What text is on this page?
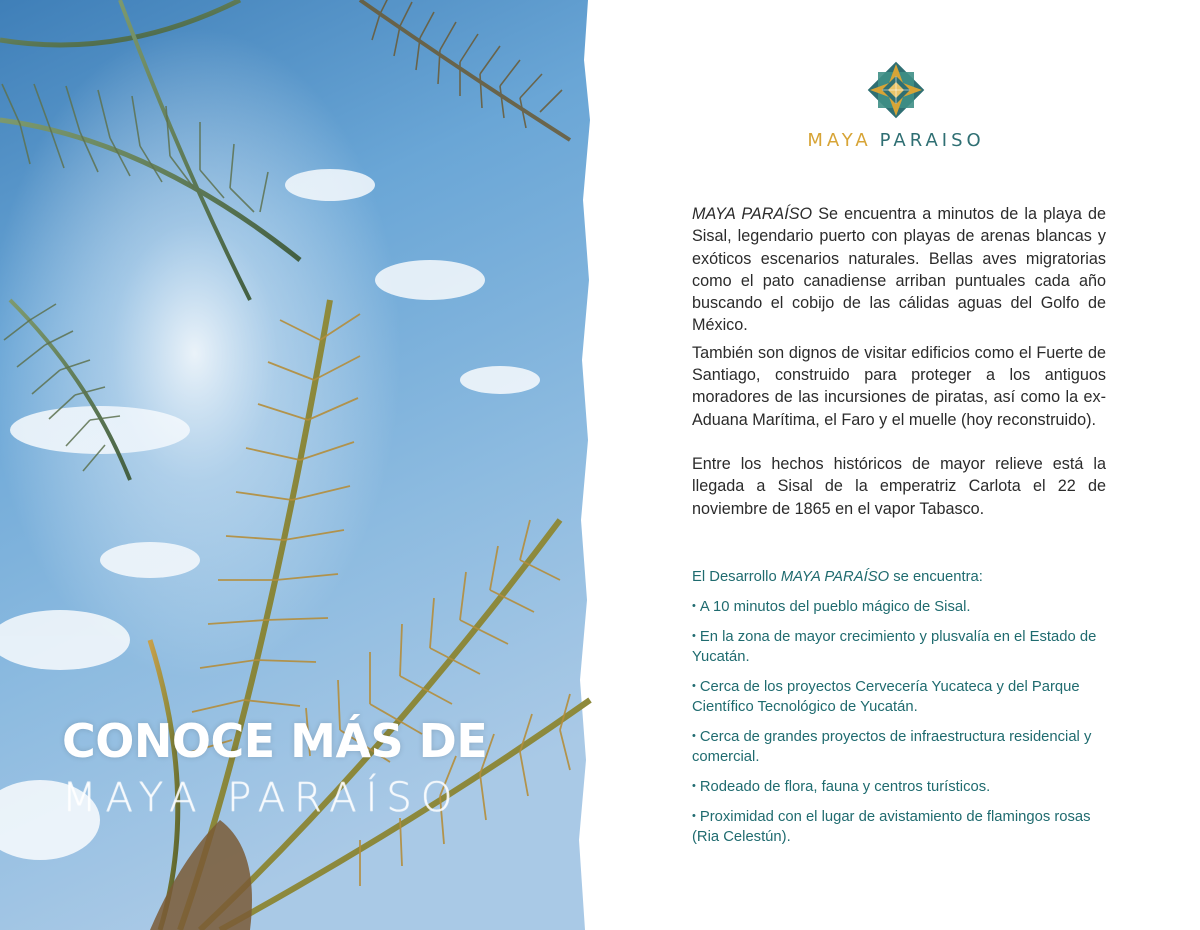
CONOCE MÁS DE
MAYA PARAÍSO
MAYA PARAISO

MAYA PARAÍSO Se encuentra a minutos de la playa de Sisal, legendario puerto con playas de arenas blancas y exóticos escenarios naturales. Bellas aves migratorias como el pato canadiense arriban puntuales cada año buscando el cobijo de las cálidas aguas del Golfo de México.

También son dignos de visitar edificios como el Fuerte de Santiago, construido para proteger a los antiguos moradores de las incursiones de piratas, así como la ex-Aduana Marítima, el Faro y el muelle (hoy reconstruido).

Entre los hechos históricos de mayor relieve está la llegada a Sisal de la emperatriz Carlota el 22 de noviembre de 1865 en el vapor Tabasco.

El Desarrollo MAYA PARAÍSO se encuentra:

• A 10 minutos del pueblo mágico de Sisal.
• En la zona de mayor crecimiento y plusvalía en el Estado de Yucatán.
• Cerca de los proyectos Cervecería Yucateca y del Parque Científico Tecnológico de Yucatán.
• Cerca de grandes proyectos de infraestructura residencial y comercial.
• Rodeado de flora, fauna y centros turísticos.
• Proximidad con el lugar de avistamiento de flamingos rosas (Ria Celestún).
